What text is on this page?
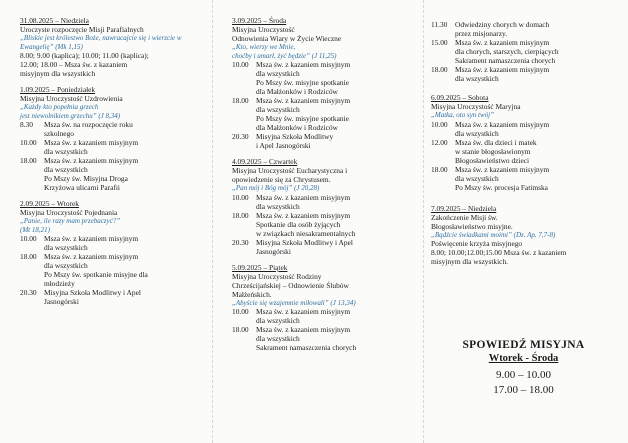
31.08.2025 – Niedziela
Uroczyste rozpoczęcie Misji Parafialnych
„Bliskie jest królestwo Boże, nawracajcie się i wierzcie w Ewangelię” (Mk 1,15)
8.00; 9.00 (kaplica); 10.00; 11.00 (kaplica);
12.00; 18.00 – Msza św. z kazaniem
misyjnym dla wszystkich
1.09.2025 – Poniedziałek
Misyjna Uroczystość Uzdrowienia
„Każdy kto popełnia grzech
jest niewolnikiem grzechu” (J 8,34)
8.30	Msza św. na rozpoczęcie roku
szkolnego
10.00 Msza św. z kazaniem misyjnym
dla wszystkich
18.00 Msza św. z kazaniem misyjnym
dla wszystkich
Po Mszy św. Misyjna Droga
Krzyżowa ulicami Parafii
2.09.2025 – Wtorek
Misyjna Uroczystość Pojednania
„Panie, ile razy mam przebaczyć?”
(Mt 18,21)
10.00 Msza św. z kazaniem misyjnym
dla wszystkich
18.00 Msza św. z kazaniem misyjnym
dla wszystkich
Po Mszy św. spotkanie misyjne dla
młodzieży
20.30 Misyjna Szkoła Modlitwy i Apel
Jasnogórski
3.09.2025 – Środa
Misyjna Uroczystość
Odnowienia Wiary w Życie Wieczne
„Kto, wierzy we Mnie,
choćby i umarł, żyć będzie” (J 11,25)
10.00 Msza św. z kazaniem misyjnym
dla wszystkich
Po Mszy św. misyjne spotkanie
dla Małżonków i Rodziców
18.00 Msza św. z kazaniem misyjnym
dla wszystkich
Po Mszy św. misyjne spotkanie
dla Małżonków i Rodziców
20.30 Misyjna Szkoła Modlitwy
i Apel Jasnogórski
4.09.2025 – Czwartek
Misyjna Uroczystość Eucharystyczna i
opowiedzenie się za Chrystusem.
„Pan mój i Bóg mój” (J 20,28)
10.00 Msza św. z kazaniem misyjnym
dla wszystkich
18.00 Msza św. z kazaniem misyjnym
Spotkanie dla osób żyjących
w związkach niesakramentalnych
20.30 Misyjna Szkoła Modlitwy i Apel
Jasnogórski
5.09.2025 – Piątek
Misyjna Uroczystość Rodziny
Chrześcijańskiej – Odnowienie Ślubów
Małżeńskich.
„Abyście się wzajemnie miłowali” (J 13,34)
10.00 Msza św. z kazaniem misyjnym
dla wszystkich
18.00 Msza św. z kazaniem misyjnym
dla wszystkich
Sakrament namaszczenia chorych
11.30	Odwiedziny chorych w domach
przez misjonarzy.
15.00 Msza św. z kazaniem misyjnym
dla chorych, starszych, cierpiących
Sakrament namaszczenia chorych
18.00 Msza św. z kazaniem misyjnym
dla wszystkich
6.09.2025 – Sobota
Misyjna Uroczystość Maryjna
„Matka, oto syn twój”
10.00 Msza św. z kazaniem misyjnym
dla wszystkich
12.00 Msza św. dla dzieci i matek
w stanie błogosławionym
Błogosławieństwo dzieci
18.00 Msza św. z kazaniem misyjnym
dla wszystkich
Po Mszy św. procesja Fatimska
7.09.2025 – Niedziela
Zakończenie Misji św.
Błogosławieństwo misyjne.
„Bądźcie świadkami moimi” (Dz. Ap. 7,7-8)
Poświęcenie krzyża misyjnego
8.00; 10.00;12.00;15.00 Msza św. z kazaniem
misyjnym dla wszystkich.
SPOWIEDŹ MISYJNA
Wtorek - Środa
9.00 – 10.00
17.00 – 18.00
